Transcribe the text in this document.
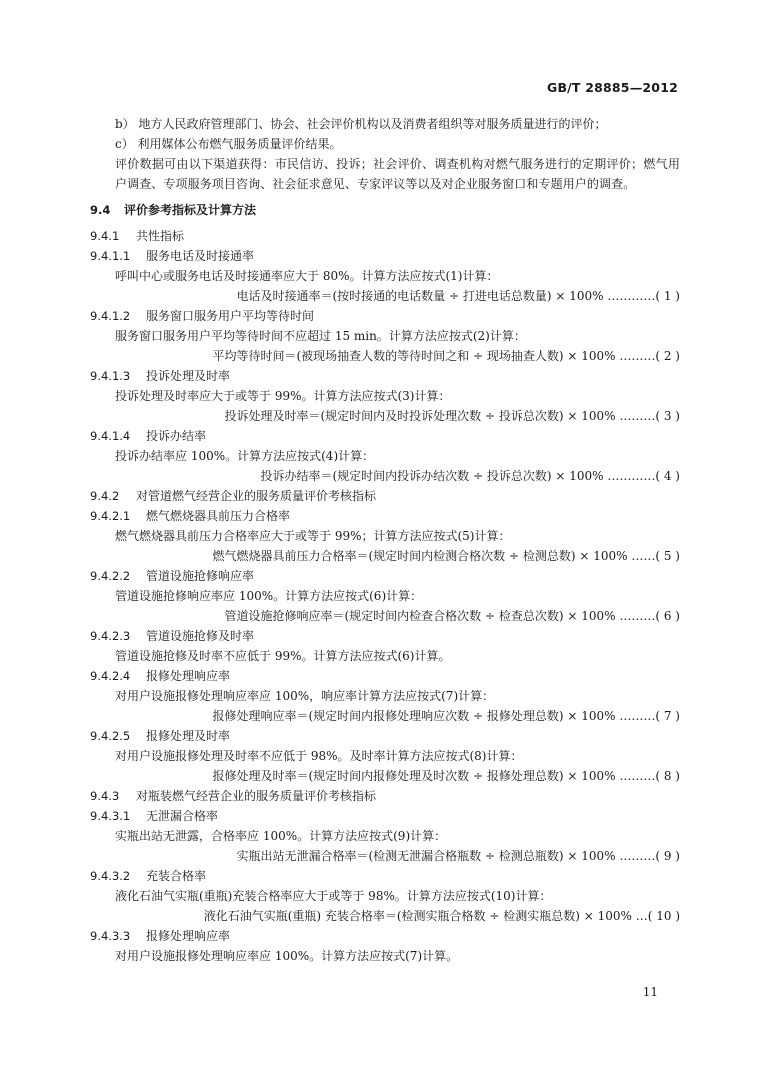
GB/T 28885—2012
b） 地方人民政府管理部门、协会、社会评价机构以及消费者组织等对服务质量进行的评价；
c） 利用媒体公布燃气服务质量评价结果。
评价数据可由以下渠道获得：市民信访、投诉；社会评价、调查机构对燃气服务进行的定期评价；燃气用户调查、专项服务项目咨询、社会征求意见、专家评议等以及对企业服务窗口和专题用户的调查。
9.4 评价参考指标及计算方法
9.4.1 共性指标
9.4.1.1 服务电话及时接通率
呼叫中心或服务电话及时接通率应大于 80%。计算方法应按式(1)计算：
电话及时接通率＝(按时接通的电话数量 ÷ 打进电话总数量) × 100% …………( 1 )
9.4.1.2 服务窗口服务用户平均等待时间
服务窗口服务用户平均等待时间不应超过 15 min。计算方法应按式(2)计算：
平均等待时间＝(被现场抽查人数的等待时间之和 ÷ 现场抽查人数) × 100% ………( 2 )
9.4.1.3 投诉处理及时率
投诉处理及时率应大于或等于 99%。计算方法应按式(3)计算：
投诉处理及时率＝(规定时间内及时投诉处理次数 ÷ 投诉总次数) × 100% ………( 3 )
9.4.1.4 投诉办结率
投诉办结率应 100%。计算方法应按式(4)计算：
投诉办结率＝(规定时间内投诉办结次数 ÷ 投诉总次数) × 100% …………( 4 )
9.4.2 对管道燃气经营企业的服务质量评价考核指标
9.4.2.1 燃气燃烧器具前压力合格率
燃气燃烧器具前压力合格率应大于或等于 99%；计算方法应按式(5)计算：
燃气燃烧器具前压力合格率＝(规定时间内检测合格次数 ÷ 检测总数) × 100% ……( 5 )
9.4.2.2 管道设施抢修响应率
管道设施抢修响应率应 100%。计算方法应按式(6)计算：
管道设施抢修响应率＝(规定时间内检查合格次数 ÷ 检查总次数) × 100% ………( 6 )
9.4.2.3 管道设施抢修及时率
管道设施抢修及时率不应低于 99%。计算方法应按式(6)计算。
9.4.2.4 报修处理响应率
对用户设施报修处理响应率应 100%，响应率计算方法应按式(7)计算：
报修处理响应率＝(规定时间内报修处理响应次数 ÷ 报修处理总数) × 100% ………( 7 )
9.4.2.5 报修处理及时率
对用户设施报修处理及时率不应低于 98%。及时率计算方法应按式(8)计算：
报修处理及时率＝(规定时间内报修处理及时次数 ÷ 报修处理总数) × 100% ………( 8 )
9.4.3 对瓶装燃气经营企业的服务质量评价考核指标
9.4.3.1 无泄漏合格率
实瓶出站无泄露，合格率应 100%。计算方法应按式(9)计算：
实瓶出站无泄漏合格率＝(检测无泄漏合格瓶数 ÷ 检测总瓶数) × 100% ………( 9 )
9.4.3.2 充装合格率
液化石油气实瓶(重瓶)充装合格率应大于或等于 98%。计算方法应按式(10)计算：
液化石油气实瓶(重瓶) 充装合格率＝(检测实瓶合格数 ÷ 检测实瓶总数) × 100% …( 10 )
9.4.3.3 报修处理响应率
对用户设施报修处理响应率应 100%。计算方法应按式(7)计算。
11
